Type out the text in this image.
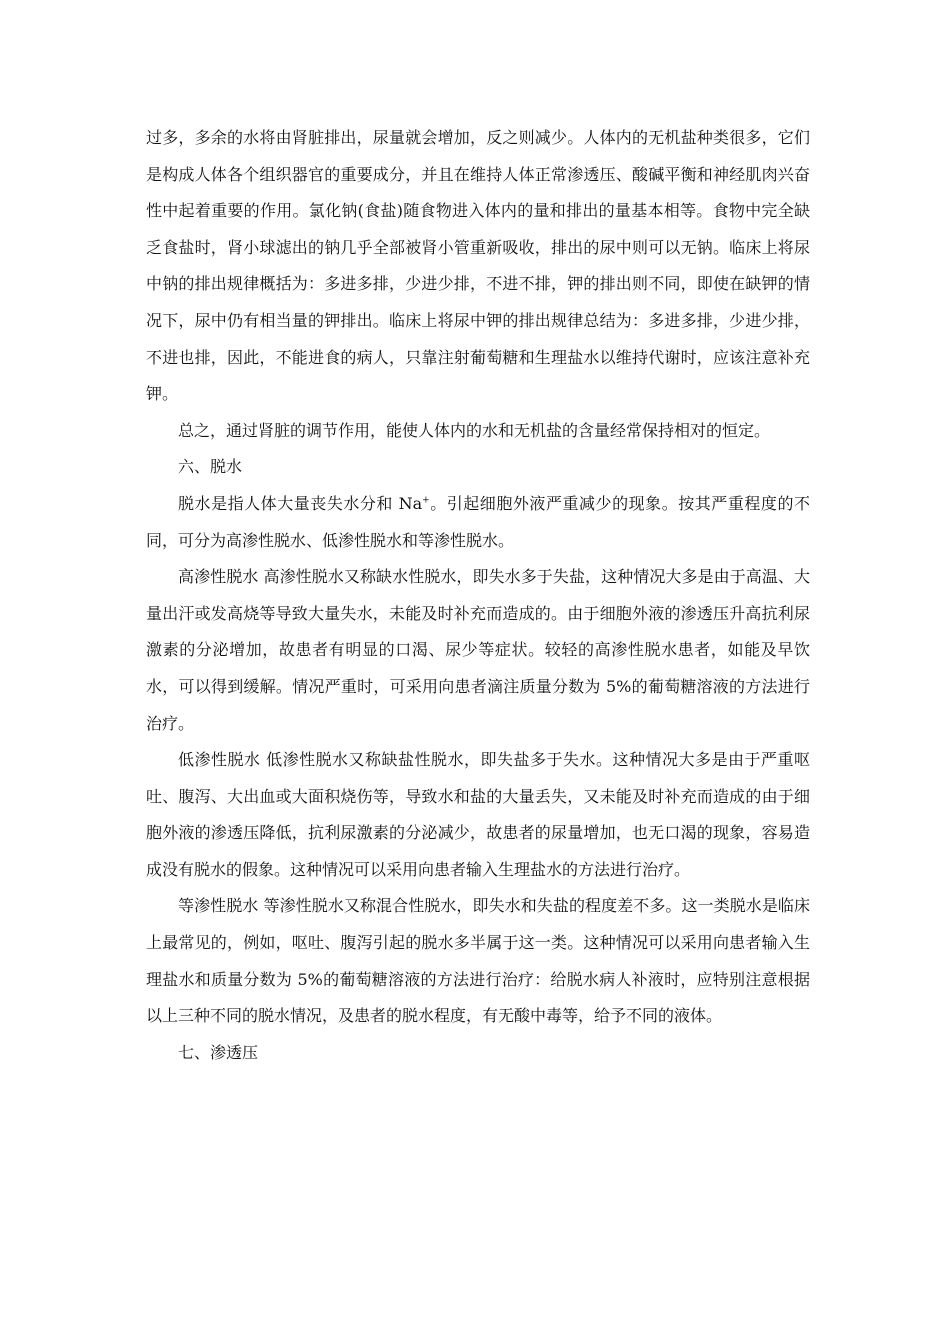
过多，多余的水将由肾脏排出，尿量就会增加，反之则减少。人体内的无机盐种类很多，它们是构成人体各个组织器官的重要成分，并且在维持人体正常渗透压、酸碱平衡和神经肌肉兴奋性中起着重要的作用。氯化钠(食盐)随食物进入体内的量和排出的量基本相等。食物中完全缺乏食盐时，肾小球滤出的钠几乎全部被肾小管重新吸收，排出的尿中则可以无钠。临床上将尿中钠的排出规律概括为：多进多排，少进少排，不进不排，钾的排出则不同，即使在缺钾的情况下，尿中仍有相当量的钾排出。临床上将尿中钾的排出规律总结为：多进多排，少进少排，不进也排，因此，不能进食的病人，只靠注射葡萄糖和生理盐水以维持代谢时，应该注意补充钾。

总之，通过肾脏的调节作用，能使人体内的水和无机盐的含量经常保持相对的恒定。

六、脱水

脱水是指人体大量丧失水分和 Na+。引起细胞外液严重减少的现象。按其严重程度的不同，可分为高渗性脱水、低渗性脱水和等渗性脱水。

高渗性脱水 高渗性脱水又称缺水性脱水，即失水多于失盐，这种情况大多是由于高温、大量出汗或发高烧等导致大量失水，未能及时补充而造成的。由于细胞外液的渗透压升高抗利尿激素的分泌增加，故患者有明显的口渴、尿少等症状。较轻的高渗性脱水患者，如能及早饮水，可以得到缓解。情况严重时，可采用向患者滴注质量分数为 5%的葡萄糖溶液的方法进行治疗。

低渗性脱水 低渗性脱水又称缺盐性脱水，即失盐多于失水。这种情况大多是由于严重呕吐、腹泻、大出血或大面积烧伤等，导致水和盐的大量丢失，又未能及时补充而造成的由于细胞外液的渗透压降低，抗利尿激素的分泌减少，故患者的尿量增加，也无口渴的现象，容易造成没有脱水的假象。这种情况可以采用向患者输入生理盐水的方法进行治疗。

等渗性脱水 等渗性脱水又称混合性脱水，即失水和失盐的程度差不多。这一类脱水是临床上最常见的，例如，呕吐、腹泻引起的脱水多半属于这一类。这种情况可以采用向患者输入生理盐水和质量分数为 5%的葡萄糖溶液的方法进行治疗：给脱水病人补液时，应特别注意根据以上三种不同的脱水情况，及患者的脱水程度，有无酸中毒等，给予不同的液体。

七、渗透压
